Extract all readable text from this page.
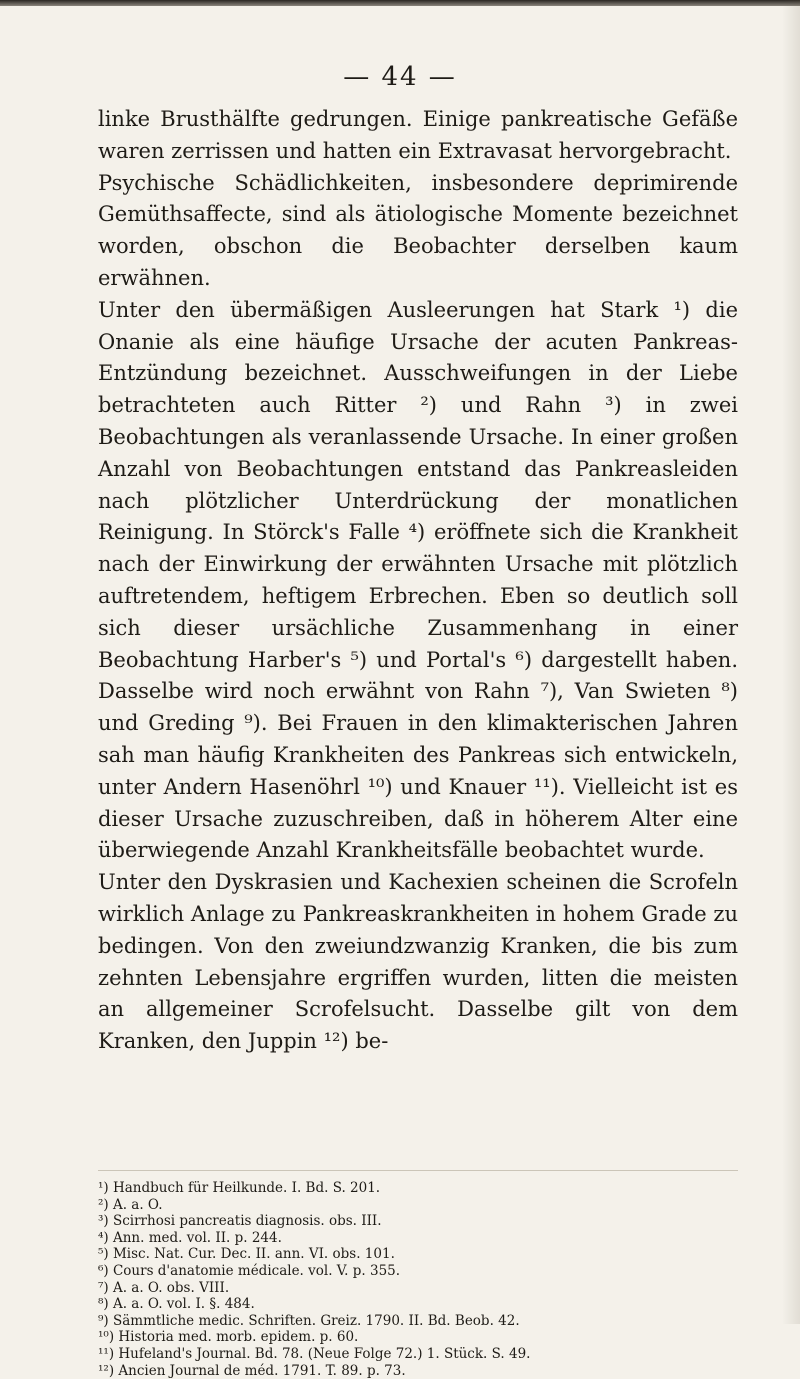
— 44 —

linke Brusthälfte gedrungen. Einige pankreatische Gefäße waren zerrissen und hatten ein Extravasat hervorgebracht.

Psychische Schädlichkeiten, insbesondere deprimirende Gemüthsaffecte, sind als ätiologische Momente bezeichnet worden, obschon die Beobachter derselben kaum erwähnen.

Unter den übermäßigen Ausleerungen hat Stark ¹) die Onanie als eine häufige Ursache der acuten Pankreas-Entzündung bezeichnet. Ausschweifungen in der Liebe betrachteten auch Ritter ²) und Rahn ³) in zwei Beobachtungen als veranlassende Ursache. In einer großen Anzahl von Beobachtungen entstand das Pankreasleiden nach plötzlicher Unterdrückung der monatlichen Reinigung. In Störck's Falle ⁴) eröffnete sich die Krankheit nach der Einwirkung der erwähnten Ursache mit plötzlich auftretendem, heftigem Erbrechen. Eben so deutlich soll sich dieser ursächliche Zusammenhang in einer Beobachtung Harber's ⁵) und Portal's ⁶) dargestellt haben. Dasselbe wird noch erwähnt von Rahn ⁷), Van Swieten ⁸) und Greding ⁹). Bei Frauen in den klimakterischen Jahren sah man häufig Krankheiten des Pankreas sich entwickeln, unter Andern Hasenöhrl ¹⁰) und Knauer ¹¹). Vielleicht ist es dieser Ursache zuzuschreiben, daß in höherem Alter eine überwiegende Anzahl Krankheitsfälle beobachtet wurde.

Unter den Dyskrasien und Kachexien scheinen die Scrofeln wirklich Anlage zu Pankreaskrankheiten in hohem Grade zu bedingen. Von den zweiundzwanzig Kranken, die bis zum zehnten Lebensjahre ergriffen wurden, litten die meisten an allgemeiner Scrofelsucht. Dasselbe gilt von dem Kranken, den Juppin ¹²) be-

¹) Handbuch für Heilkunde. I. Bd. S. 201.
²) A. a. O.
³) Scirrhosi pancreatis diagnosis. obs. III.
⁴) Ann. med. vol. II. p. 244.
⁵) Misc. Nat. Cur. Dec. II. ann. VI. obs. 101.
⁶) Cours d'anatomie médicale. vol. V. p. 355.
⁷) A. a. O. obs. VIII.
⁸) A. a. O. vol. I. §. 484.
⁹) Sämmtliche medic. Schriften. Greiz. 1790. II. Bd. Beob. 42.
¹⁰) Historia med. morb. epidem. p. 60.
¹¹) Hufeland's Journal. Bd. 78. (Neue Folge 72.) 1. Stück. S. 49.
¹²) Ancien Journal de méd. 1791. T. 89. p. 73.
